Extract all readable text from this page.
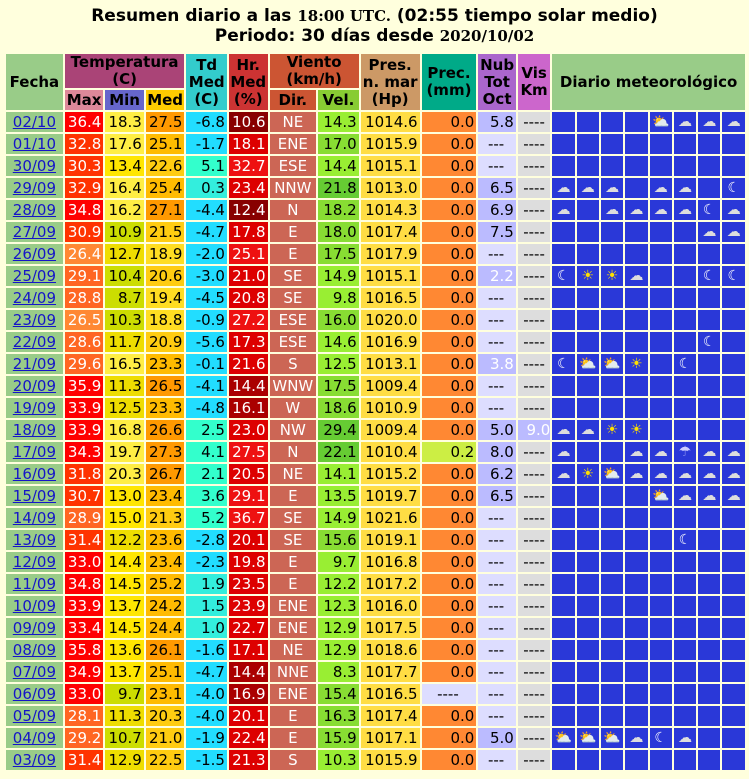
Resumen diario a las 18:00 UTC. (02:55 tiempo solar medio)
Periodo: 30 días desde 2020/10/02
Fecha	Temperatura (C)			Td Med (C)	Hr. Med (%)	Viento (km/h)		Pres. n. mar (Hp)	Prec. (mm)	Nub Tot Oct	Vis Km	Diario meteorológico							
	Max	Min	Med			Dir.	Vel.												
02/10	36.4	18.3	27.5	-6.8	10.6	NE	14.3	1014.6	0.0	5.8	----					⛅	☁	☁	☁
01/10	32.8	17.6	25.1	-1.7	18.1	ENE	17.0	1015.9	0.0	---	----								
30/09	30.3	13.4	22.6	5.1	32.7	ESE	14.4	1015.1	0.0	---	----								
29/09	32.9	16.4	25.4	0.3	23.4	NNW	21.8	1013.0	0.0	6.5	----	☁	☁	☁		☁	☁		☾
28/09	34.8	16.2	27.1	-4.4	12.4	N	18.2	1014.3	0.0	6.9	----	☁		☁	☁	☁	☁	☾	☁
27/09	30.9	10.9	21.5	-4.7	17.8	E	18.0	1017.4	0.0	7.5	----							☁	☁
26/09	26.4	12.7	18.9	-2.0	25.1	E	17.5	1017.9	0.0	---	----								
25/09	29.1	10.4	20.6	-3.0	21.0	SE	14.9	1015.1	0.0	2.2	----	☾	☀	☀	☁			☾	☾
24/09	28.8	8.7	19.4	-4.5	20.8	SE	9.8	1016.5	0.0	---	----								
23/09	26.5	10.3	18.8	-0.9	27.2	ESE	16.0	1020.0	0.0	---	----								
22/09	28.6	11.7	20.9	-5.6	17.3	ESE	14.6	1016.9	0.0	---	----							☾	
21/09	29.6	16.5	23.3	-0.1	21.6	S	12.5	1013.1	0.0	3.8	----	☾	⛅	⛅	☀		☾		
20/09	35.9	11.3	26.5	-4.1	14.4	WNW	17.5	1009.4	0.0	---	----								
19/09	33.9	12.5	23.3	-4.8	16.1	W	18.6	1010.9	0.0	---	----								
18/09	33.9	16.8	26.6	2.5	23.0	NW	29.4	1009.4	0.0	5.0	9.0	☁	☁	☀	☀				
17/09	34.3	19.7	27.3	4.1	27.5	N	22.1	1010.4	0.2	8.0	----	☁			☁	☁	☂	☁	☁
16/09	31.8	20.3	26.7	2.1	20.5	NE	14.1	1015.2	0.0	6.2	----	☁	☀	⛅	☁	☁	☁	☁	☁
15/09	30.7	13.0	23.4	3.6	29.1	E	13.5	1019.7	0.0	6.5	----					⛅	☁	☁	☁
14/09	28.9	15.0	21.3	5.2	36.7	SE	14.9	1021.6	0.0	---	----								
13/09	31.4	12.2	23.6	-2.8	20.1	SE	15.6	1019.1	0.0	---	----						☾		
12/09	33.0	14.4	23.4	-2.3	19.8	E	9.7	1016.8	0.0	---	----								
11/09	34.8	14.5	25.2	1.9	23.5	E	12.2	1017.2	0.0	---	----								
10/09	33.9	13.7	24.2	1.5	23.9	ENE	12.3	1016.0	0.0	---	----								
09/09	33.4	14.5	24.4	1.0	22.7	ENE	12.9	1017.5	0.0	---	----								
08/09	35.8	13.6	26.1	-1.6	17.1	NE	12.9	1018.6	0.0	---	----								
07/09	34.9	13.7	25.1	-4.7	14.4	NNE	8.3	1017.7	0.0	---	----								
06/09	33.0	9.7	23.1	-4.0	16.9	ENE	15.4	1016.5	----	---	----								
05/09	28.1	11.3	20.3	-4.0	20.1	E	16.3	1017.4	0.0	---	----								
04/09	29.2	10.7	21.0	-1.9	22.4	E	15.9	1017.1	0.0	5.0	----	⛅	⛅	⛅	☁	☾	☁		
03/09	31.4	12.9	22.5	-1.5	21.3	S	10.3	1015.9	0.0	---	----								
